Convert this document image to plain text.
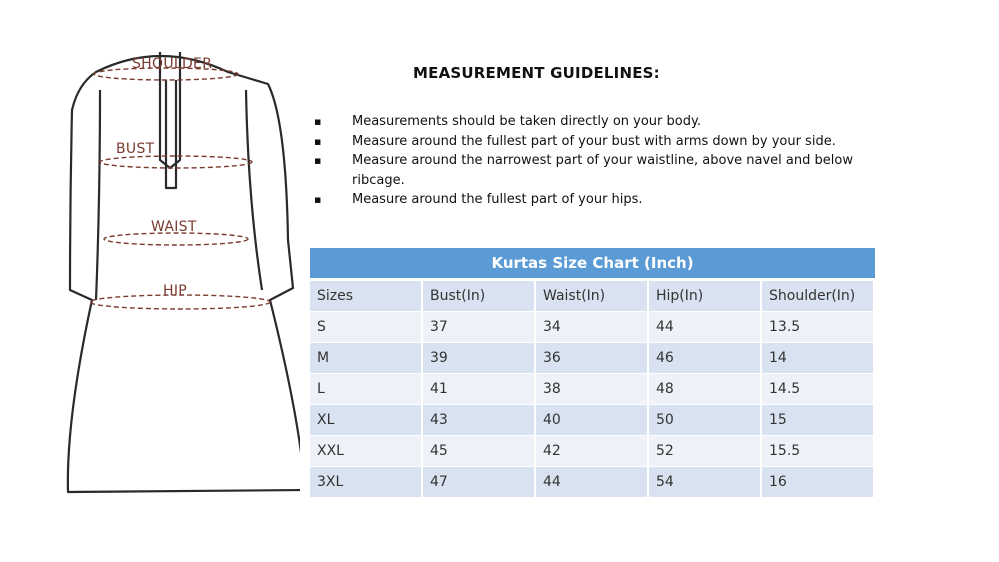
SHOULDER
BUST
WAIST
HIP
MEASUREMENT GUIDELINES:
▪ Measurements should be taken directly on your body.
▪ Measure around the fullest part of your bust with arms down by your side.
▪ Measure around the narrowest part of your waistline, above navel and below ribcage.
▪ Measure around the fullest part of your hips.
Kurtas Size Chart (Inch)
Sizes	Bust(In)	Waist(In)	Hip(In)	Shoulder(In)
S	37	34	44	13.5
M	39	36	46	14
L	41	38	48	14.5
XL	43	40	50	15
XXL	45	42	52	15.5
3XL	47	44	54	16
